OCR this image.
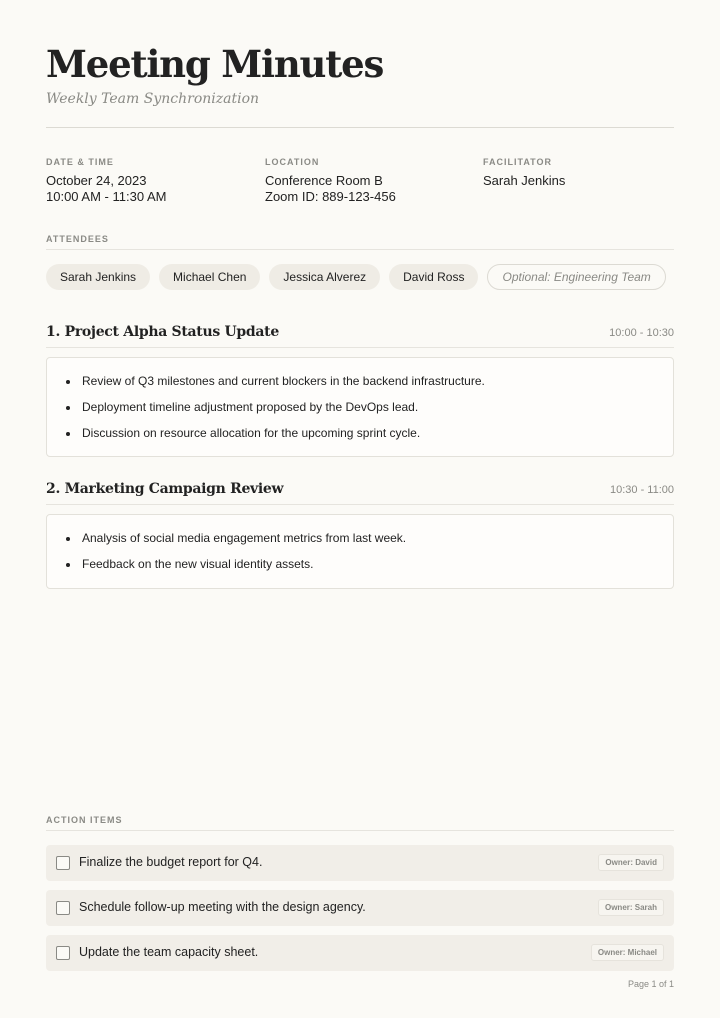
Meeting Minutes
Weekly Team Synchronization
DATE & TIME
October 24, 2023
10:00 AM - 11:30 AM
LOCATION
Conference Room B
Zoom ID: 889-123-456
FACILITATOR
Sarah Jenkins
ATTENDEES
Sarah Jenkins	Michael Chen	Jessica Alverez	David Ross	Optional: Engineering Team
1. Project Alpha Status Update	10:00 - 10:30
Review of Q3 milestones and current blockers in the backend infrastructure.
Deployment timeline adjustment proposed by the DevOps lead.
Discussion on resource allocation for the upcoming sprint cycle.
2. Marketing Campaign Review	10:30 - 11:00
Analysis of social media engagement metrics from last week.
Feedback on the new visual identity assets.
ACTION ITEMS
Finalize the budget report for Q4.	Owner: David
Schedule follow-up meeting with the design agency.	Owner: Sarah
Update the team capacity sheet.	Owner: Michael
Page 1 of 1
